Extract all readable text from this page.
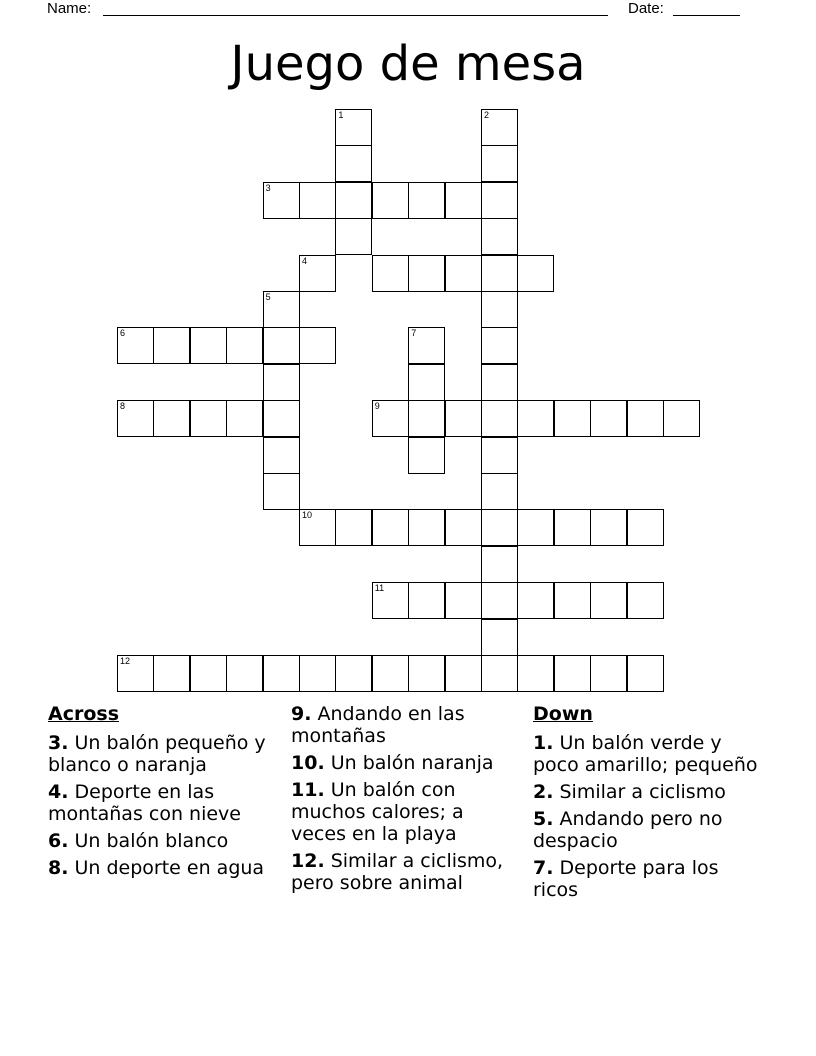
Name:	Date:
Juego de mesa
1	2
3
4
5
6	7
8	9
10
11
12
Across
3. Un balón pequeño y blanco o naranja
4. Deporte en las montañas con nieve
6. Un balón blanco
8. Un deporte en agua
9. Andando en las montañas
10. Un balón naranja
11. Un balón con muchos calores; a veces en la playa
12. Similar a ciclismo, pero sobre animal
Down
1. Un balón verde y poco amarillo; pequeño
2. Similar a ciclismo
5. Andando pero no despacio
7. Deporte para los ricos
